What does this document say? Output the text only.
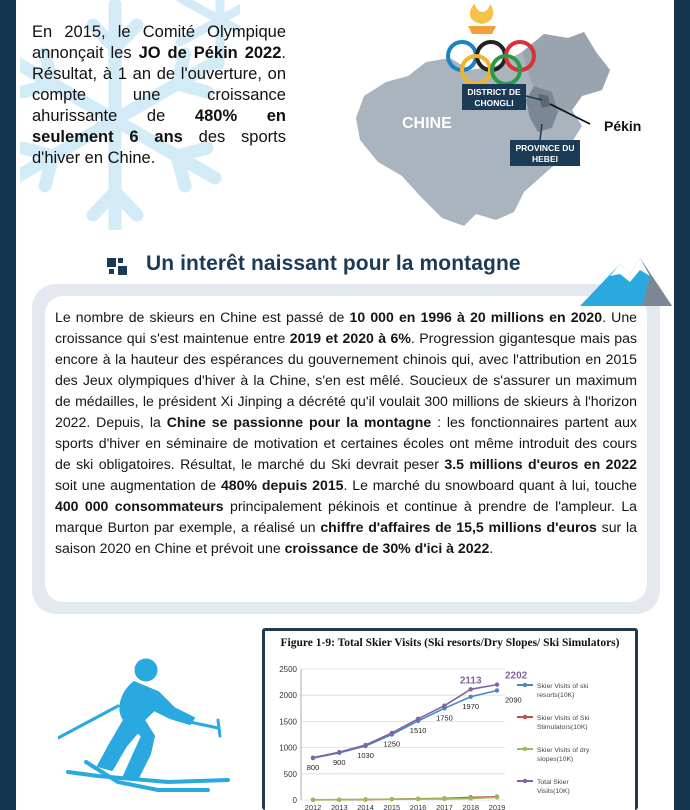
En 2015, le Comité Olympique annonçait les JO de Pékin 2022. Résultat, à 1 an de l'ouverture, on compte une croissance ahurissante de 480% en seulement 6 ans des sports d'hiver en Chine.

DISTRICT DE
CHONGLI
PROVINCE DU
HEBEI
CHINE	Pékin
Un interêt naissant pour la montagne

Le nombre de skieurs en Chine est passé de 10 000 en 1996 à 20 millions en 2020. Une croissance qui s'est maintenue entre 2019 et 2020 à 6%. Progression gigantesque mais pas encore à la hauteur des espérances du gouvernement chinois qui, avec l'attribution en 2015 des Jeux olympiques d'hiver à la Chine, s'en est mêlé. Soucieux de s'assurer un maximum de médailles, le président Xi Jinping a décrété qu'il voulait 300 millions de skieurs à l'horizon 2022. Depuis, la Chine se passionne pour la montagne : les fonctionnaires partent aux sports d'hiver en séminaire de motivation et certaines écoles ont même introduit des cours de ski obligatoires. Résultat, le marché du Ski devrait peser 3.5 millions d'euros en 2022 soit une augmentation de 480% depuis 2015. Le marché du snowboard quant à lui, touche 400 000 consommateurs principalement pékinois et continue à prendre de l'ampleur. La marque Burton par exemple, a réalisé un chiffre d'affaires de 15,5 millions d'euros sur la saison 2020 en Chine et prévoit une croissance de 30% d'ici à 2022.

Figure 1-9: Total Skier Visits (Ski resorts/Dry Slopes/ Ski Simulators)
0
500
1000
1500
2000
2500
2012 2013 2014 2015 2016 2017 2018 2019
800
900
1030
1250
1510
1750
1970
2090
Skier Visits of ski
resorts(10K)
Skier Visits of Ski
Stimulators(10K)
Skier Visits of dry
slopes(10K)
2113 2202
Total Skier
Visits(10K)
